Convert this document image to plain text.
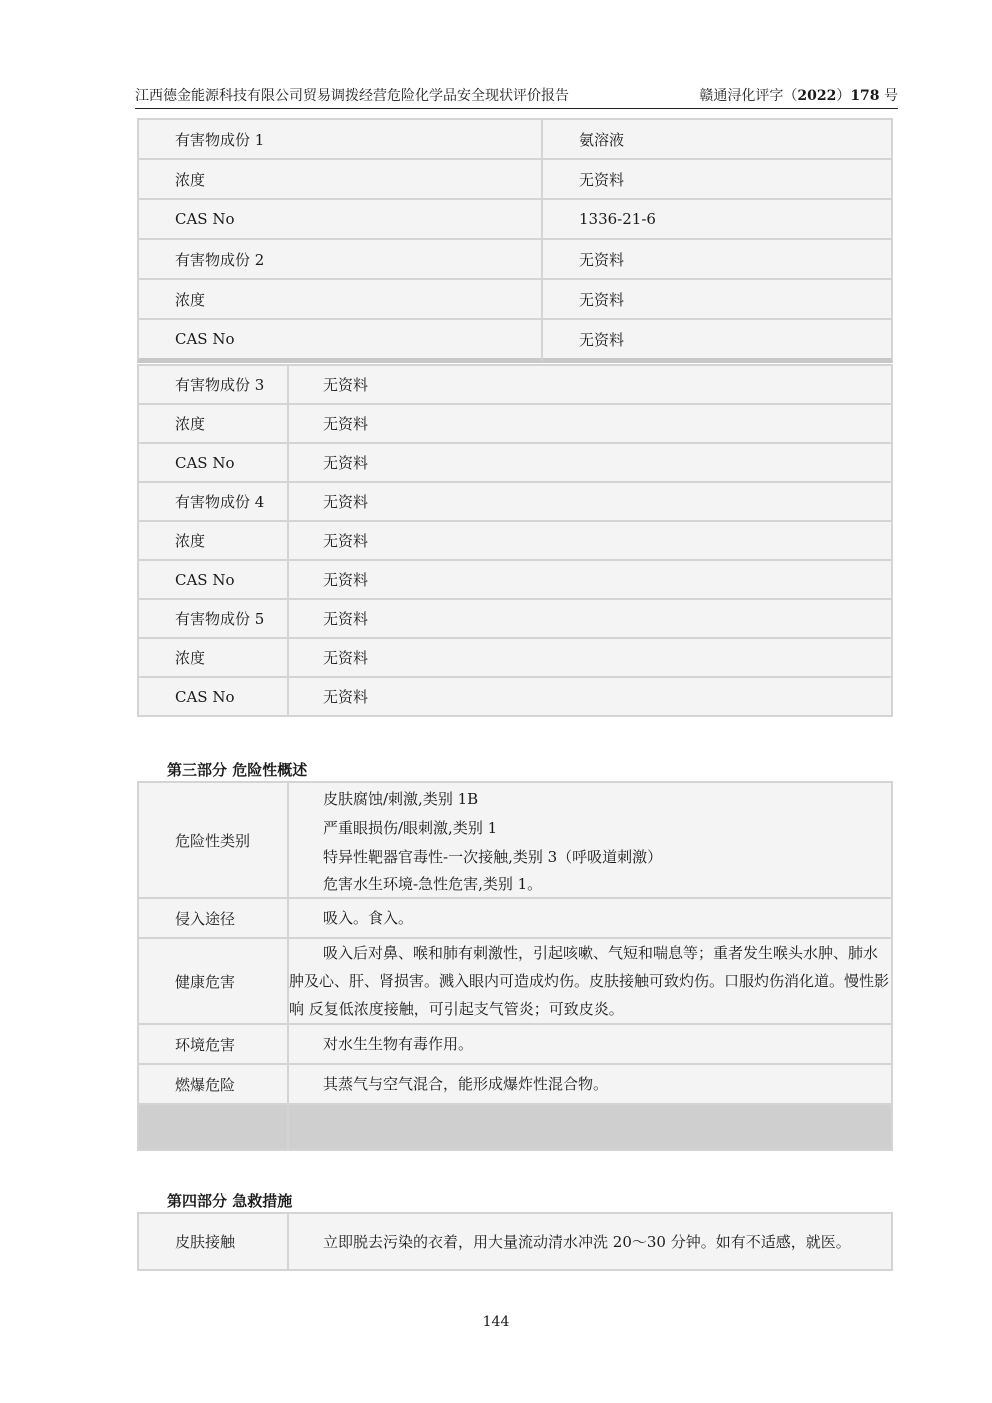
江西德金能源科技有限公司贸易调拨经营危险化学品安全现状评价报告	赣通浔化评字（2022）178 号
有害物成份 1	氨溶液
浓度	无资料
CAS No	1336-21-6
有害物成份 2	无资料
浓度	无资料
CAS No	无资料
有害物成份 3	无资料
浓度	无资料
CAS No	无资料
有害物成份 4	无资料
浓度	无资料
CAS No	无资料
有害物成份 5	无资料
浓度	无资料
CAS No	无资料
第三部分 危险性概述
危险性类别	皮肤腐蚀/刺激,类别 1B
严重眼损伤/眼刺激,类别 1
特异性靶器官毒性-一次接触,类别 3（呼吸道刺激）
危害水生环境-急性危害,类别 1。

侵入途径	吸入。食入。

健康危害	吸入后对鼻、喉和肺有刺激性，引起咳嗽、气短和喘息等；重者发生喉头水肿、肺水肿及心、肝、肾损害。溅入眼内可造成灼伤。皮肤接触可致灼伤。口服灼伤消化道。慢性影响 反复低浓度接触，可引起支气管炎；可致皮炎。

环境危害	对水生生物有毒作用。

燃爆危险	其蒸气与空气混合，能形成爆炸性混合物。

第四部分 急救措施
皮肤接触	立即脱去污染的衣着，用大量流动清水冲洗 20～30 分钟。如有不适感，就医。
144
